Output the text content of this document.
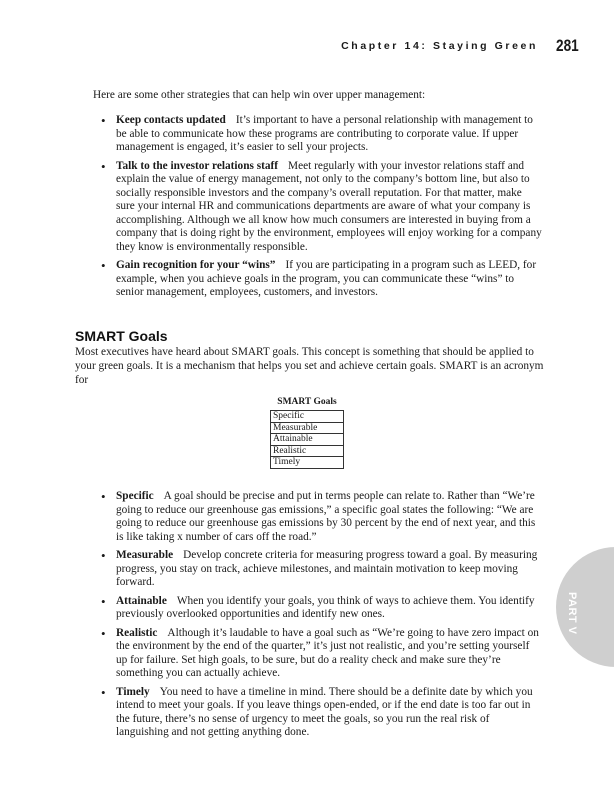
Chapter 14: Staying Green 281

Here are some other strategies that can help win over upper management:

• Keep contacts updated It’s important to have a personal relationship with management to be able to communicate how these programs are contributing to corporate value. If upper management is engaged, it’s easier to sell your projects.
• Talk to the investor relations staff Meet regularly with your investor relations staff and explain the value of energy management, not only to the company’s bottom line, but also to socially responsible investors and the company’s overall reputation. For that matter, make sure your internal HR and communications departments are aware of what your company is accomplishing. Although we all know how much consumers are interested in buying from a company that is doing right by the environment, employees will enjoy working for a company they know is environmentally responsible.
• Gain recognition for your “wins” If you are participating in a program such as LEED, for example, when you achieve goals in the program, you can communicate these “wins” to senior management, employees, customers, and investors.
SMART Goals

Most executives have heard about SMART goals. This concept is something that should be applied to your green goals. It is a mechanism that helps you set and achieve certain goals. SMART is an acronym for

SMART Goals
Specific
Measurable
Attainable
Realistic
Timely
• Specific A goal should be precise and put in terms people can relate to. Rather than “We’re going to reduce our greenhouse gas emissions,” a specific goal states the following: “We are going to reduce our greenhouse gas emissions by 30 percent by the end of next year, and this is like taking x number of cars off the road.”
• Measurable Develop concrete criteria for measuring progress toward a goal. By measuring progress, you stay on track, achieve milestones, and maintain motivation to keep moving forward.
• Attainable When you identify your goals, you think of ways to achieve them. You identify previously overlooked opportunities and identify new ones.
• Realistic Although it’s laudable to have a goal such as “We’re going to have zero impact on the environment by the end of the quarter,” it’s just not realistic, and you’re setting yourself up for failure. Set high goals, to be sure, but do a reality check and make sure they’re something you can actually achieve.
• Timely You need to have a timeline in mind. There should be a definite date by which you intend to meet your goals. If you leave things open-ended, or if the end date is too far out in the future, there’s no sense of urgency to meet the goals, so you run the real risk of languishing and not getting anything done.
PART V
